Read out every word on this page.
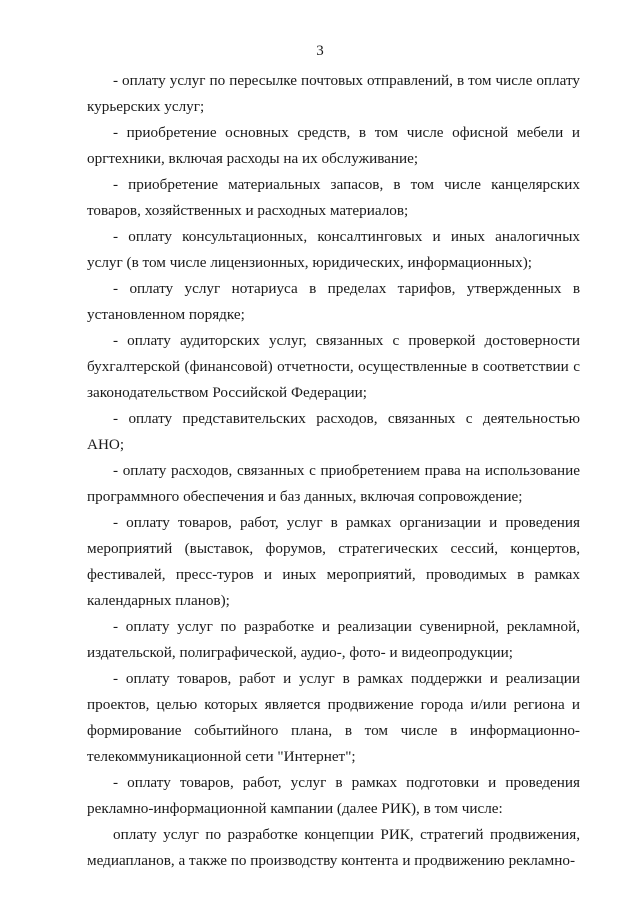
3

- оплату услуг по пересылке почтовых отправлений, в том числе оплату курьерских услуг;

- приобретение основных средств, в том числе офисной мебели и оргтехники, включая расходы на их обслуживание;

- приобретение материальных запасов, в том числе канцелярских товаров, хозяйственных и расходных материалов;

- оплату консультационных, консалтинговых и иных аналогичных услуг (в том числе лицензионных, юридических, информационных);

- оплату услуг нотариуса в пределах тарифов, утвержденных в установленном порядке;

- оплату аудиторских услуг, связанных с проверкой достоверности бухгалтерской (финансовой) отчетности, осуществленные в соответствии с законодательством Российской Федерации;

- оплату представительских расходов, связанных с деятельностью АНО;

- оплату расходов, связанных с приобретением права на использование программного обеспечения и баз данных, включая сопровождение;

- оплату товаров, работ, услуг в рамках организации и проведения мероприятий (выставок, форумов, стратегических сессий, концертов, фестивалей, пресс-туров и иных мероприятий, проводимых в рамках календарных планов);

- оплату услуг по разработке и реализации сувенирной, рекламной, издательской, полиграфической, аудио-, фото- и видеопродукции;

- оплату товаров, работ и услуг в рамках поддержки и реализации проектов, целью которых является продвижение города и/или региона и формирование событийного плана, в том числе в информационно-телекоммуникационной сети "Интернет";

- оплату товаров, работ, услуг в рамках подготовки и проведения рекламно-информационной кампании (далее РИК), в том числе:

оплату услуг по разработке концепции РИК, стратегий продвижения, медиапланов, а также по производству контента и продвижению рекламно-
